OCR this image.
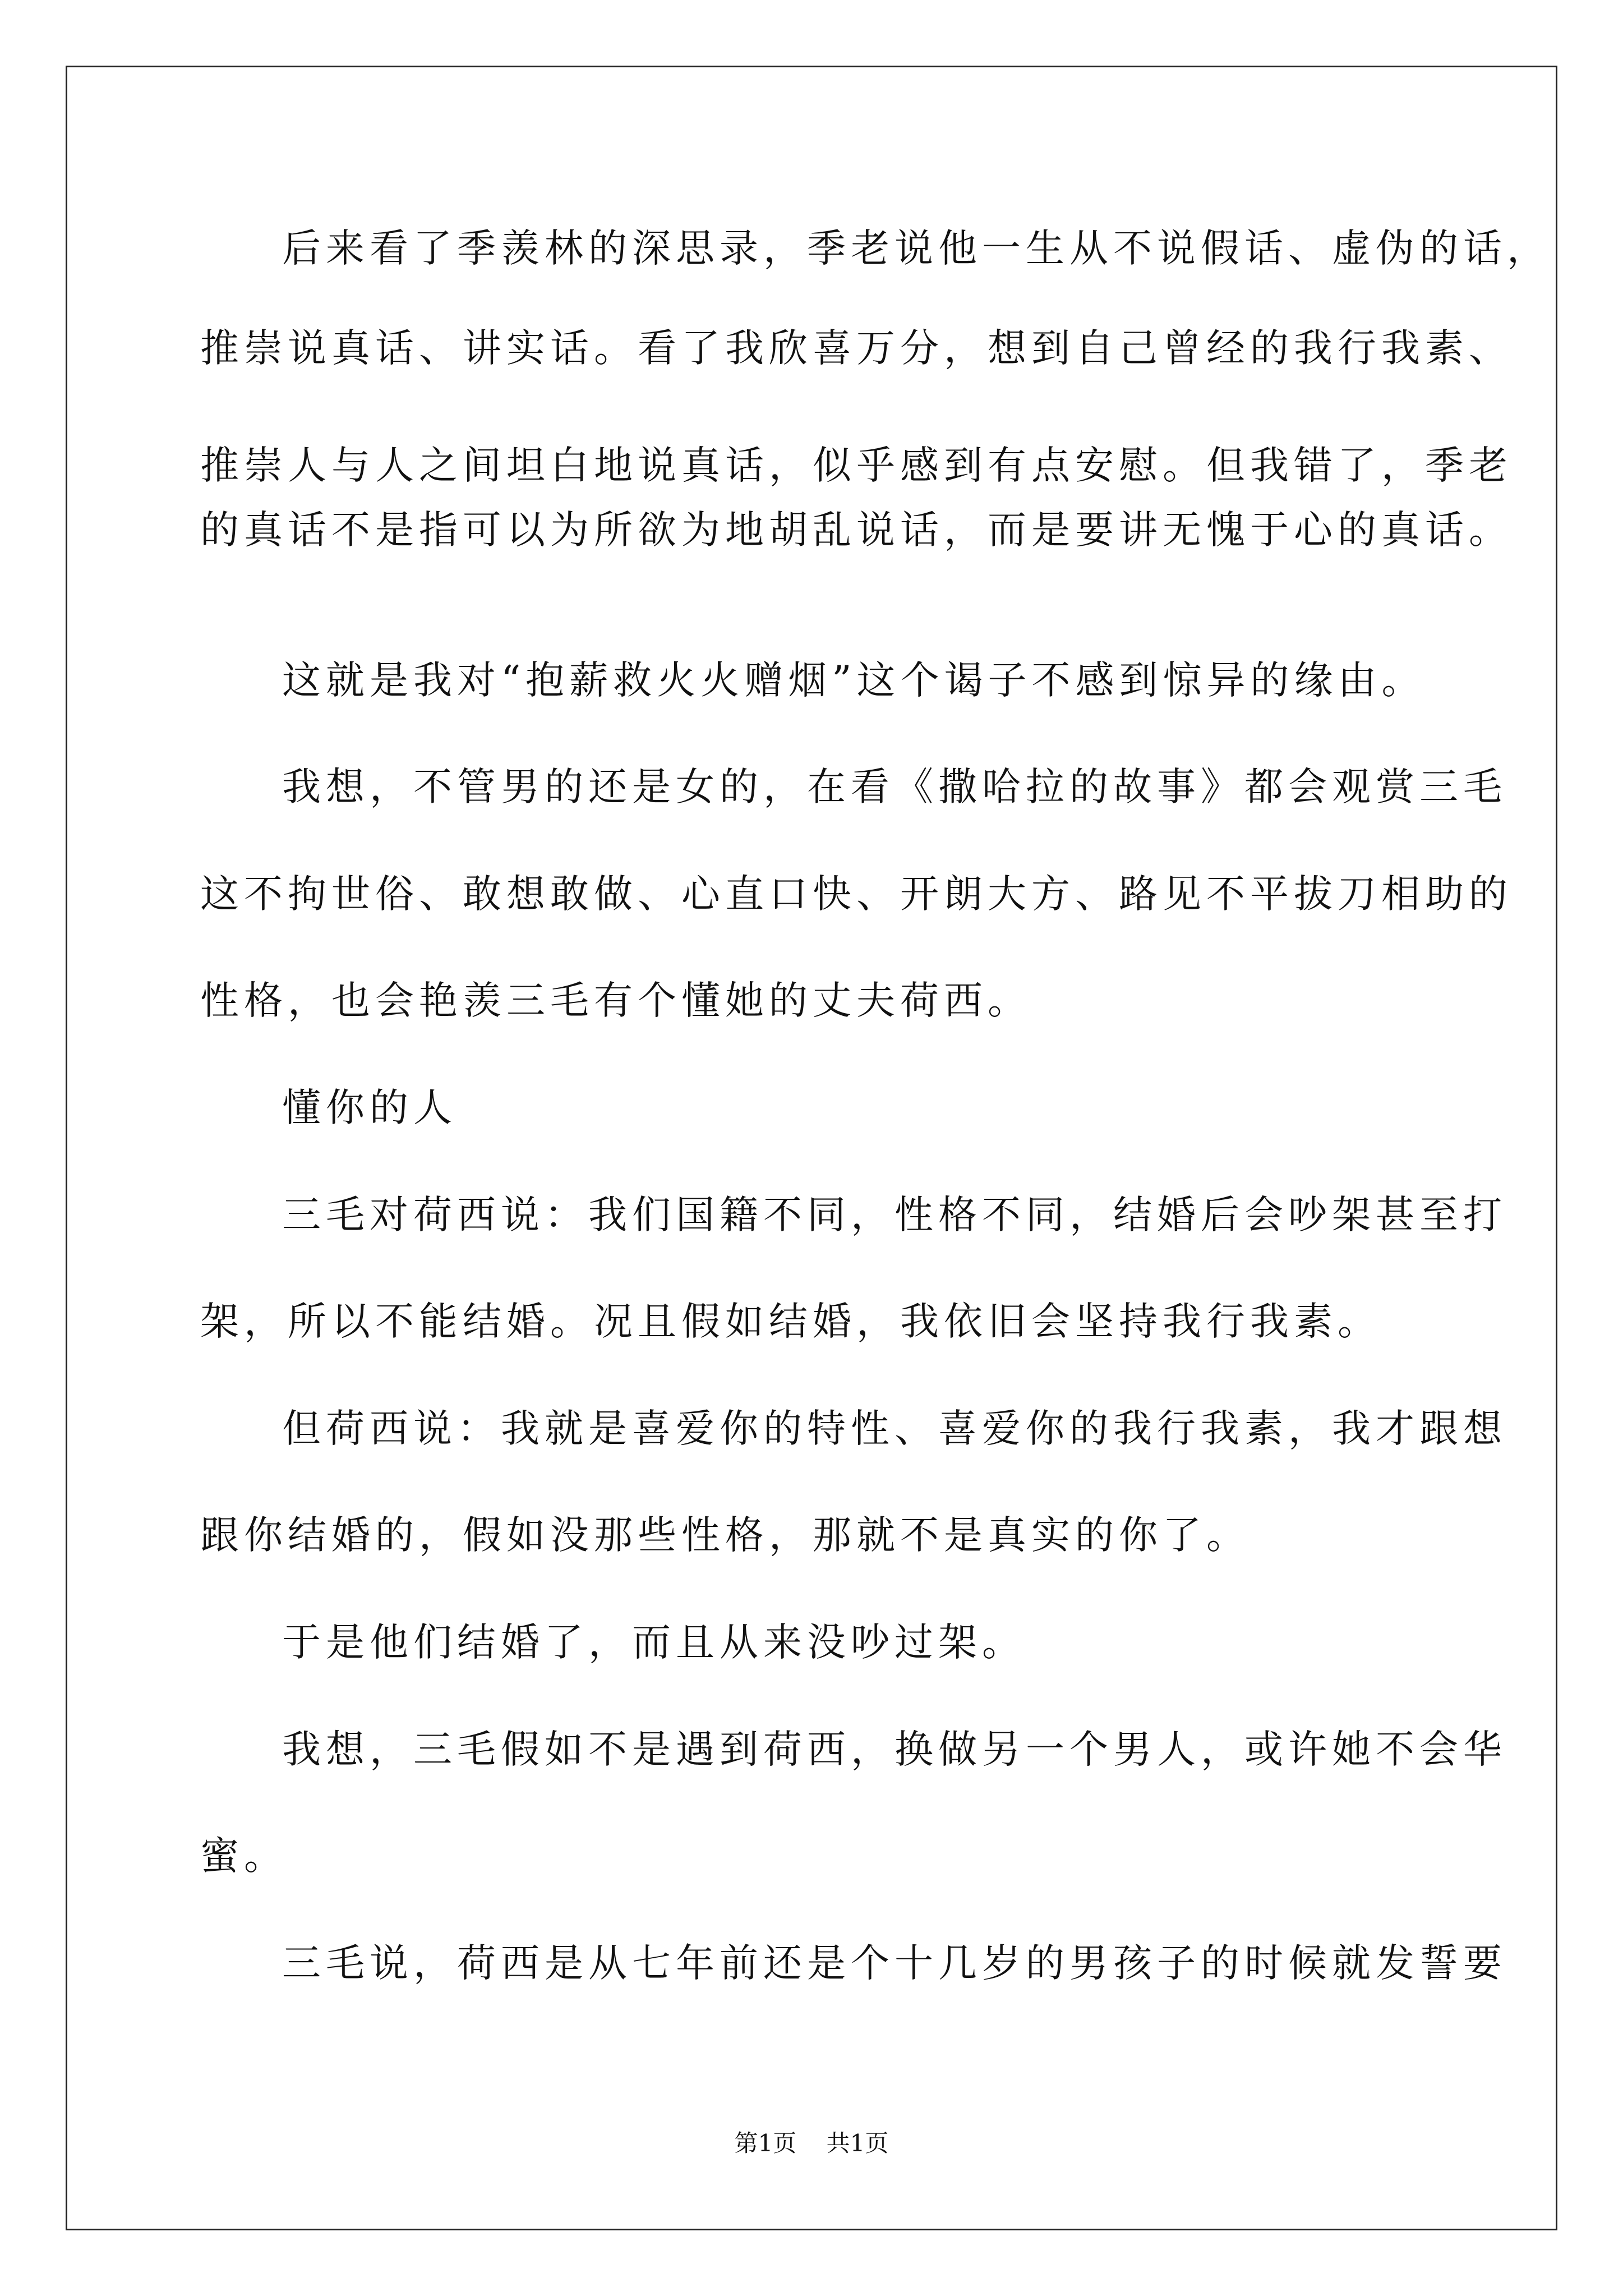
后来看了季羡林的深思录，季老说他一生从不说假话、虚伪的话，
推崇说真话、讲实话。看了我欣喜万分，想到自己曾经的我行我素、
推崇人与人之间坦白地说真话，似乎感到有点安慰。但我错了，季老
的真话不是指可以为所欲为地胡乱说话，而是要讲无愧于心的真话。
这就是我对“抱薪救火火赠烟”这个谒子不感到惊异的缘由。
我想，不管男的还是女的，在看《撒哈拉的故事》都会观赏三毛
这不拘世俗、敢想敢做、心直口快、开朗大方、路见不平拔刀相助的
性格，也会艳羡三毛有个懂她的丈夫荷西。
懂你的人
三毛对荷西说：我们国籍不同，性格不同，结婚后会吵架甚至打
架，所以不能结婚。况且假如结婚，我依旧会坚持我行我素。
但荷西说：我就是喜爱你的特性、喜爱你的我行我素，我才跟想
跟你结婚的，假如没那些性格，那就不是真实的你了。
于是他们结婚了，而且从来没吵过架。
我想，三毛假如不是遇到荷西，换做另一个男人，或许她不会华
蜜。
三毛说，荷西是从七年前还是个十几岁的男孩子的时候就发誓要
第1页    共1页
